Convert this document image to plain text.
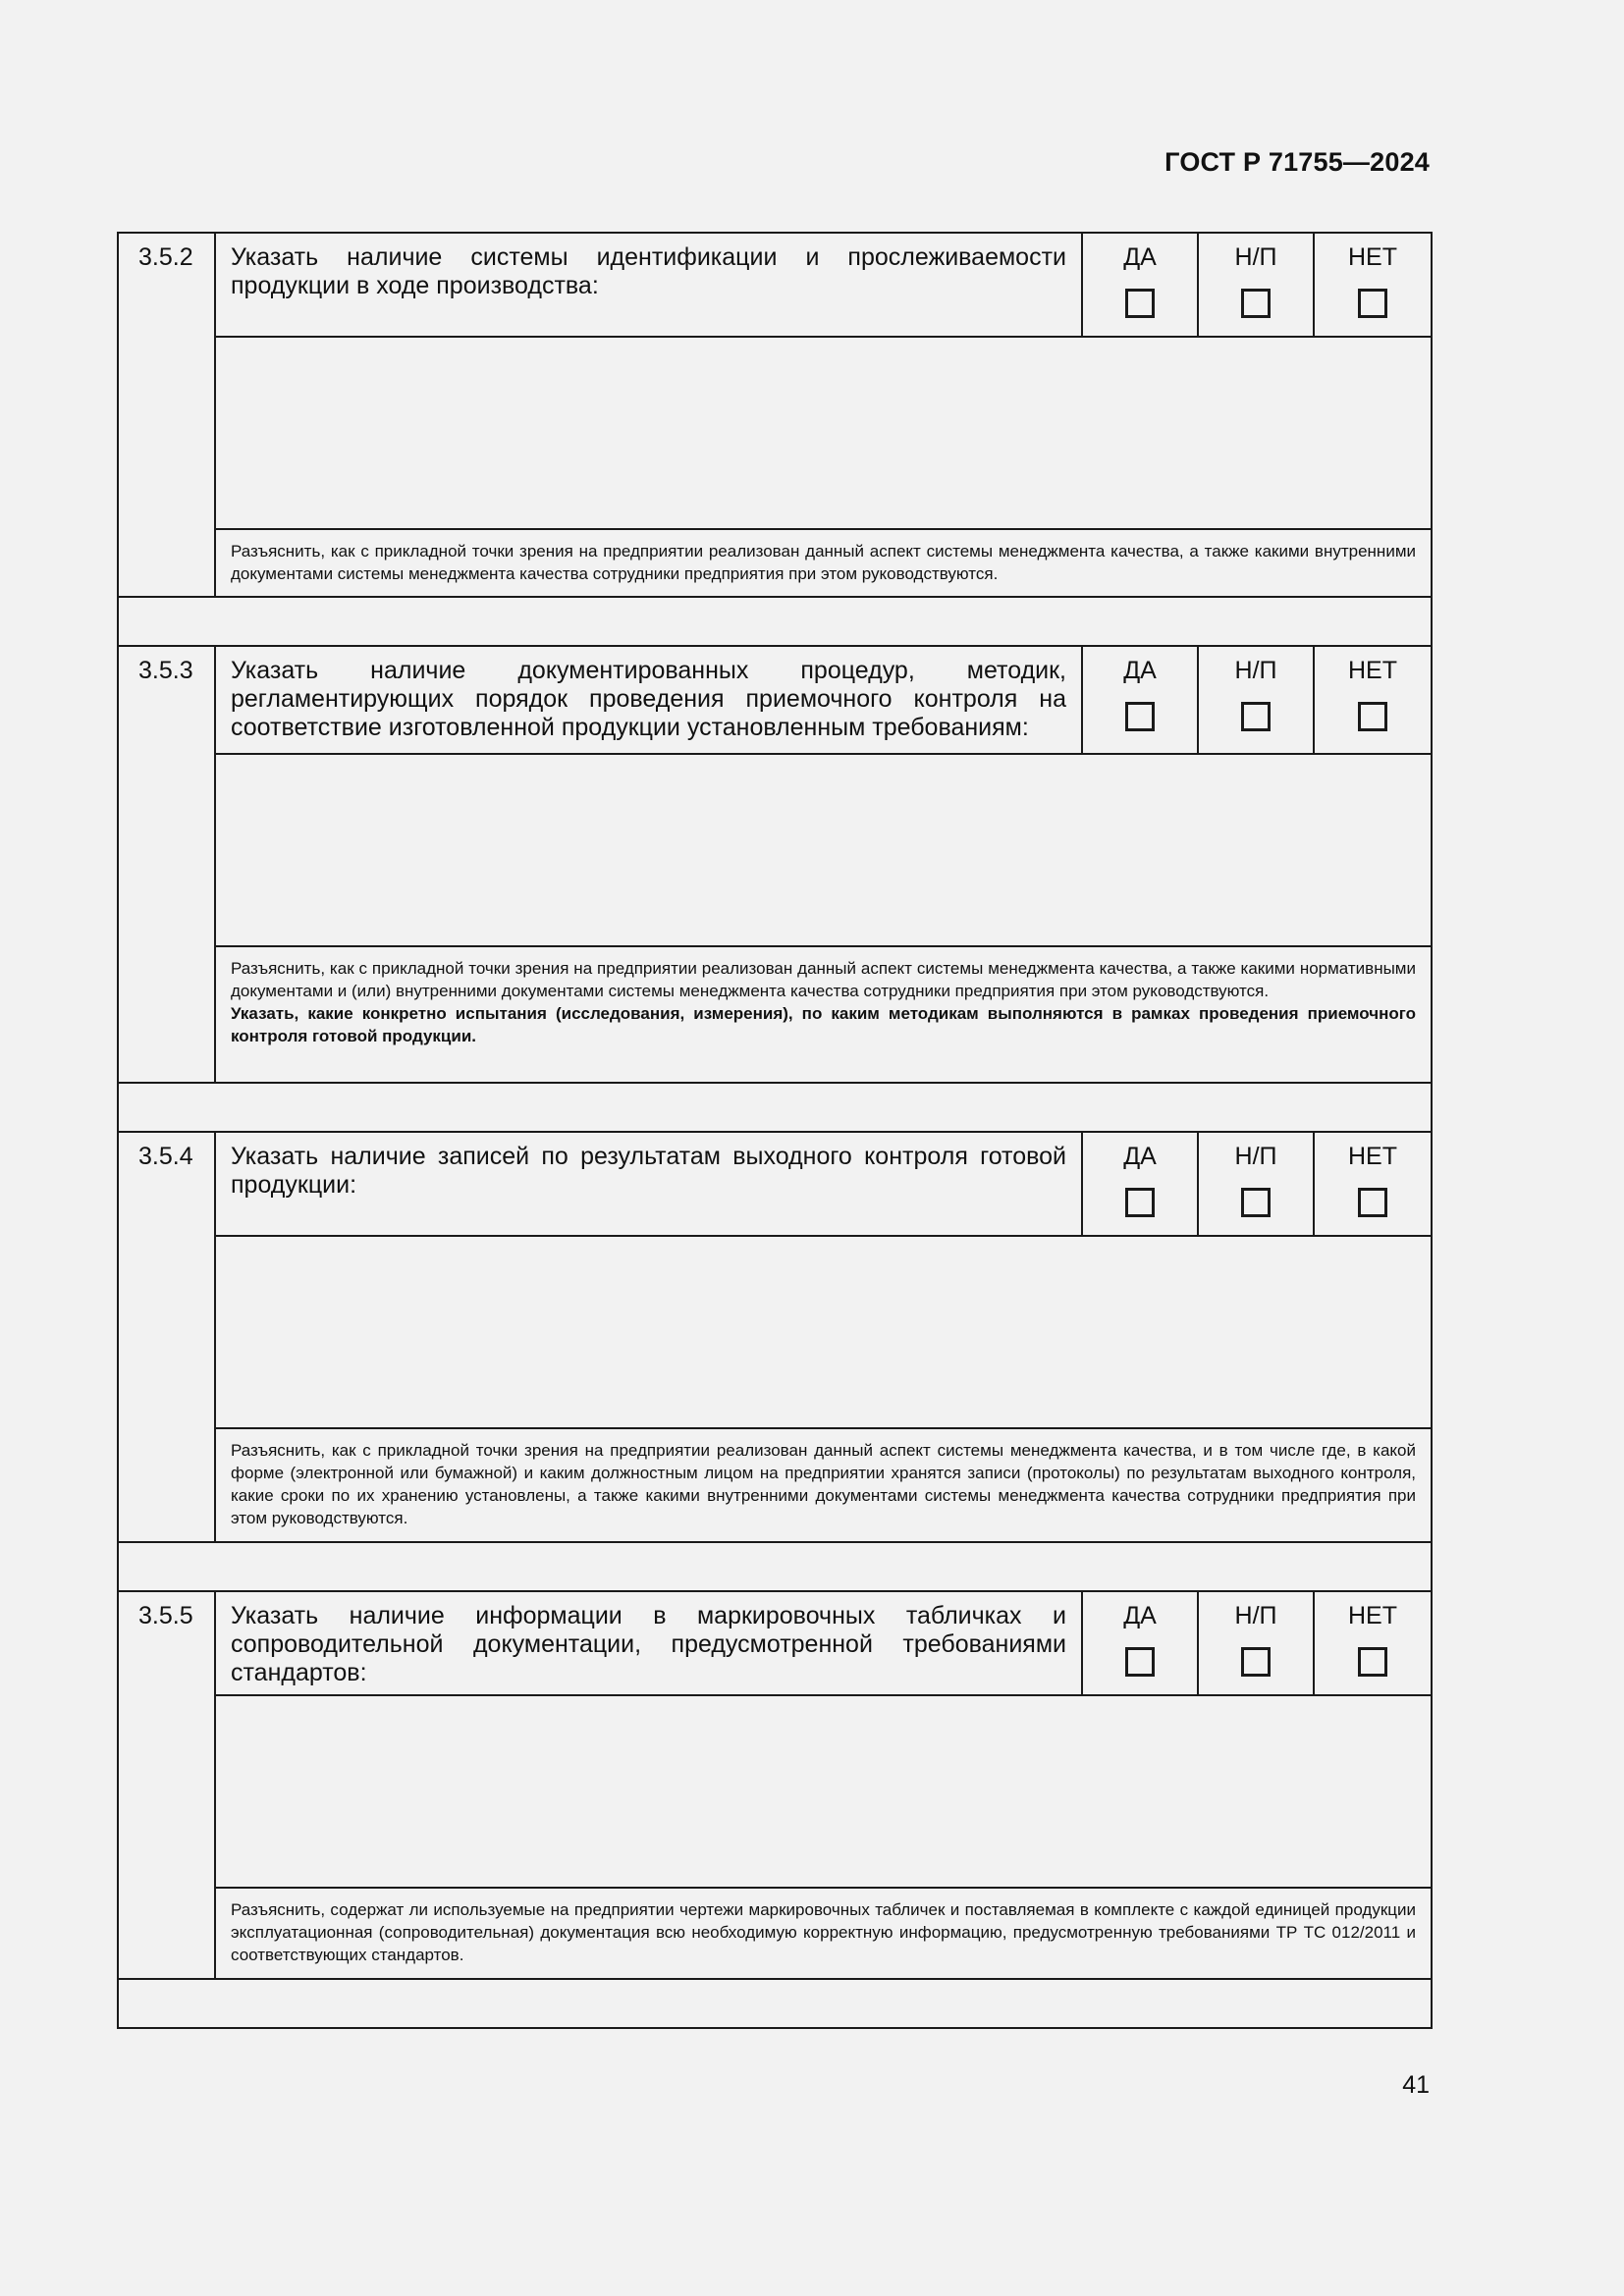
ГОСТ Р 71755—2024
3.5.2	Указать наличие системы идентификации и прослеживаемости продукции в ходе производства:	ДА	Н/П	НЕТ

	Разъяснить, как с прикладной точки зрения на предприятии реализован данный аспект системы менеджмента качества, а также какими внутренними документами системы менеджмента качества сотрудники предприятия при этом руководствуются.			

3.5.3	Указать наличие документированных процедур, методик, регламентирующих порядок проведения приемочного контроля на соответствие изготовленной продукции установленным требованиям:	ДА	Н/П	НЕТ

	Разъяснить, как с прикладной точки зрения на предприятии реализован данный аспект системы менеджмента качества, а также какими нормативными документами и (или) внутренними документами системы менеджмента качества сотрудники предприятия при этом руководствуются.
Указать, какие конкретно испытания (исследования, измерения), по каким методикам выполняются в рамках проведения приемочного контроля готовой продукции.			

3.5.4	Указать наличие записей по результатам выходного контроля готовой продукции:	ДА	Н/П	НЕТ

	Разъяснить, как с прикладной точки зрения на предприятии реализован данный аспект системы менеджмента качества, и в том числе где, в какой форме (электронной или бумажной) и каким должностным лицом на предприятии хранятся записи (протоколы) по результатам выходного контроля, какие сроки по их хранению установлены, а также какими внутренними документами системы менеджмента качества сотрудники предприятия при этом руководствуются.			

3.5.5	Указать наличие информации в маркировочных табличках и сопроводительной документации, предусмотренной требованиями стандартов:	ДА	Н/П	НЕТ

	Разъяснить, содержат ли используемые на предприятии чертежи маркировочных табличек и поставляемая в комплекте с каждой единицей продукции эксплуатационная (сопроводительная) документация всю необходимую корректную информацию, предусмотренную требованиями ТР ТС 012/2011 и соответствующих стандартов.			

41
